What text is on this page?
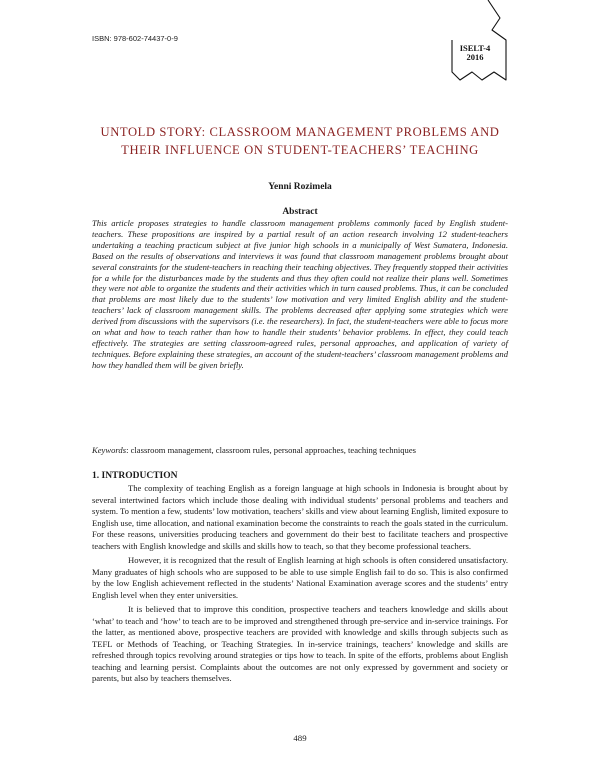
ISBN: 978-602-74437-0-9
ISELT-4
2016
UNTOLD STORY: CLASSROOM MANAGEMENT PROBLEMS AND
THEIR INFLUENCE ON STUDENT-TEACHERS’ TEACHING
Yenni Rozimela
Abstract
This article proposes strategies to handle classroom management problems commonly faced by English student-teachers. These propositions are inspired by a partial result of an action research involving 12 student-teachers undertaking a teaching practicum subject at five junior high schools in a municipally of West Sumatera, Indonesia. Based on the results of observations and interviews it was found that classroom management problems brought about several constraints for the student-teachers in reaching their teaching objectives. They frequently stopped their activities for a while for the disturbances made by the students and thus they often could not realize their plans well. Sometimes they were not able to organize the students and their activities which in turn caused problems. Thus, it can be concluded that problems are most likely due to the students’ low motivation and very limited English ability and the student-teachers’ lack of classroom management skills. The problems decreased after applying some strategies which were derived from discussions with the supervisors (i.e. the researchers). In fact, the student-teachers were able to focus more on what and how to teach rather than how to handle their students’ behavior problems. In effect, they could teach effectively. The strategies are setting classroom-agreed rules, personal approaches, and application of variety of techniques. Before explaining these strategies, an account of the student-teachers’ classroom management problems and how they handled them will be given briefly.
Keywords: classroom management, classroom rules, personal approaches, teaching techniques
1. INTRODUCTION

The complexity of teaching English as a foreign language at high schools in Indonesia is brought about by several intertwined factors which include those dealing with individual students’ personal problems and teachers and system. To mention a few, students’ low motivation, teachers’ skills and view about learning English, limited exposure to English use, time allocation, and national examination become the constraints to reach the goals stated in the curriculum. For these reasons, universities producing teachers and government do their best to facilitate teachers and prospective teachers with English knowledge and skills and skills how to teach, so that they become professional teachers.

However, it is recognized that the result of English learning at high schools is often considered unsatisfactory. Many graduates of high schools who are supposed to be able to use simple English fail to do so. This is also confirmed by the low English achievement reflected in the students’ National Examination average scores and the students’ entry English level when they enter universities.

It is believed that to improve this condition, prospective teachers and teachers knowledge and skills about ‘what’ to teach and ‘how’ to teach are to be improved and strengthened through pre-service and in-service trainings. For the latter, as mentioned above, prospective teachers are provided with knowledge and skills through subjects such as TEFL or Methods of Teaching, or Teaching Strategies. In in-service trainings, teachers’ knowledge and skills are refreshed through topics revolving around strategies or tips how to teach. In spite of the efforts, problems about English teaching and learning persist. Complaints about the outcomes are not only expressed by government and society or parents, but also by teachers themselves.

489
